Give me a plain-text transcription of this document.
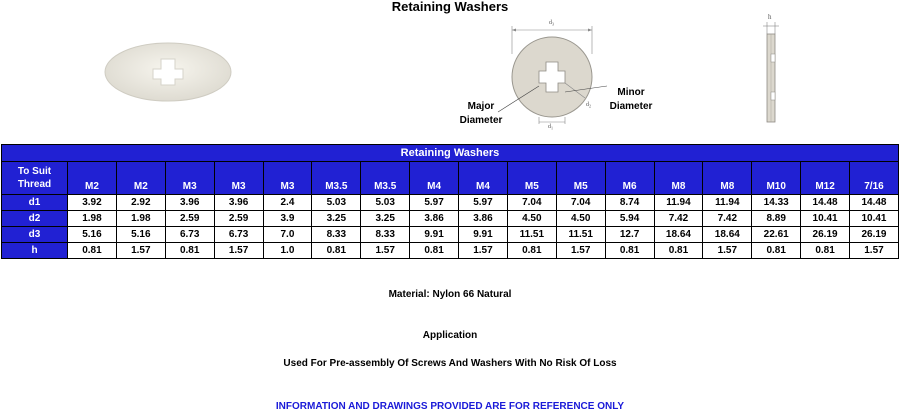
Retaining Washers
$d_3$
$d_1$
$d_2$
Major
Diameter
Minor
Diameter
h
Retaining Washers																	
To Suit
Thread	M2	M2	M3	M3	M3	M3.5	M3.5	M4	M4	M5	M5	M6	M8	M8	M10	M12	7/16
d1	3.92	2.92	3.96	3.96	2.4	5.03	5.03	5.97	5.97	7.04	7.04	8.74	11.94	11.94	14.33	14.48	14.48
d2	1.98	1.98	2.59	2.59	3.9	3.25	3.25	3.86	3.86	4.50	4.50	5.94	7.42	7.42	8.89	10.41	10.41
d3	5.16	5.16	6.73	6.73	7.0	8.33	8.33	9.91	9.91	11.51	11.51	12.7	18.64	18.64	22.61	26.19	26.19
h	0.81	1.57	0.81	1.57	1.0	0.81	1.57	0.81	1.57	0.81	1.57	0.81	0.81	1.57	0.81	0.81	1.57
Material: Nylon 66 Natural
Application
Used For Pre-assembly Of Screws And Washers With No Risk Of Loss
INFORMATION AND DRAWINGS PROVIDED ARE FOR REFERENCE ONLY
